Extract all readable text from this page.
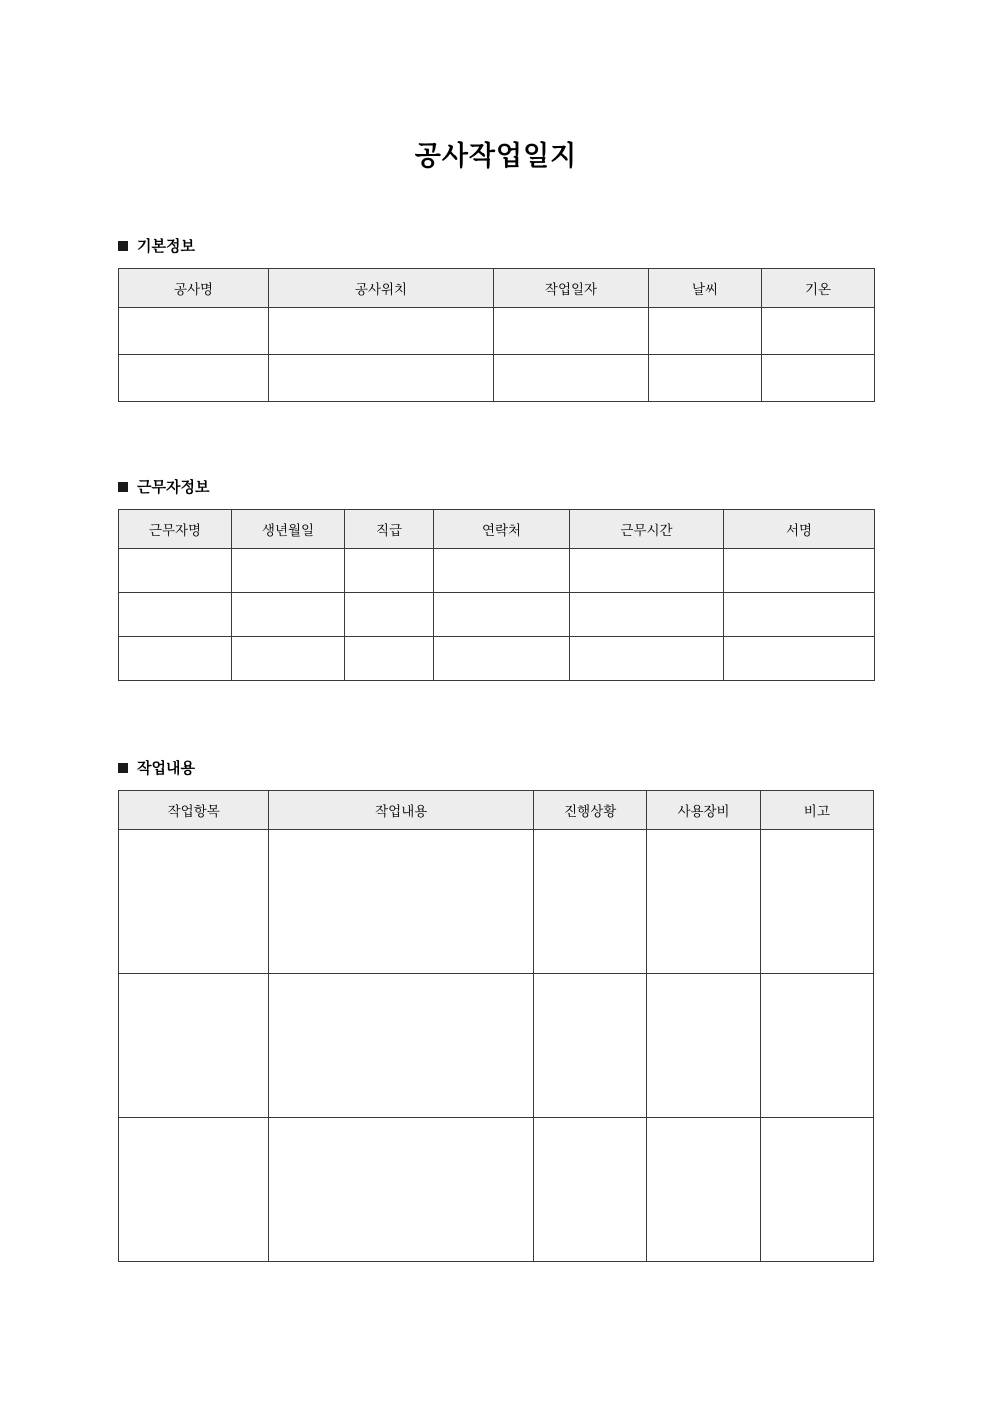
공사작업일지
기본정보
공사명	공사위치	작업일자	날씨	기온

근무자정보
근무자명	생년월일	직급	연락처	근무시간	서명

작업내용
작업항목	작업내용	진행상황	사용장비	비고
